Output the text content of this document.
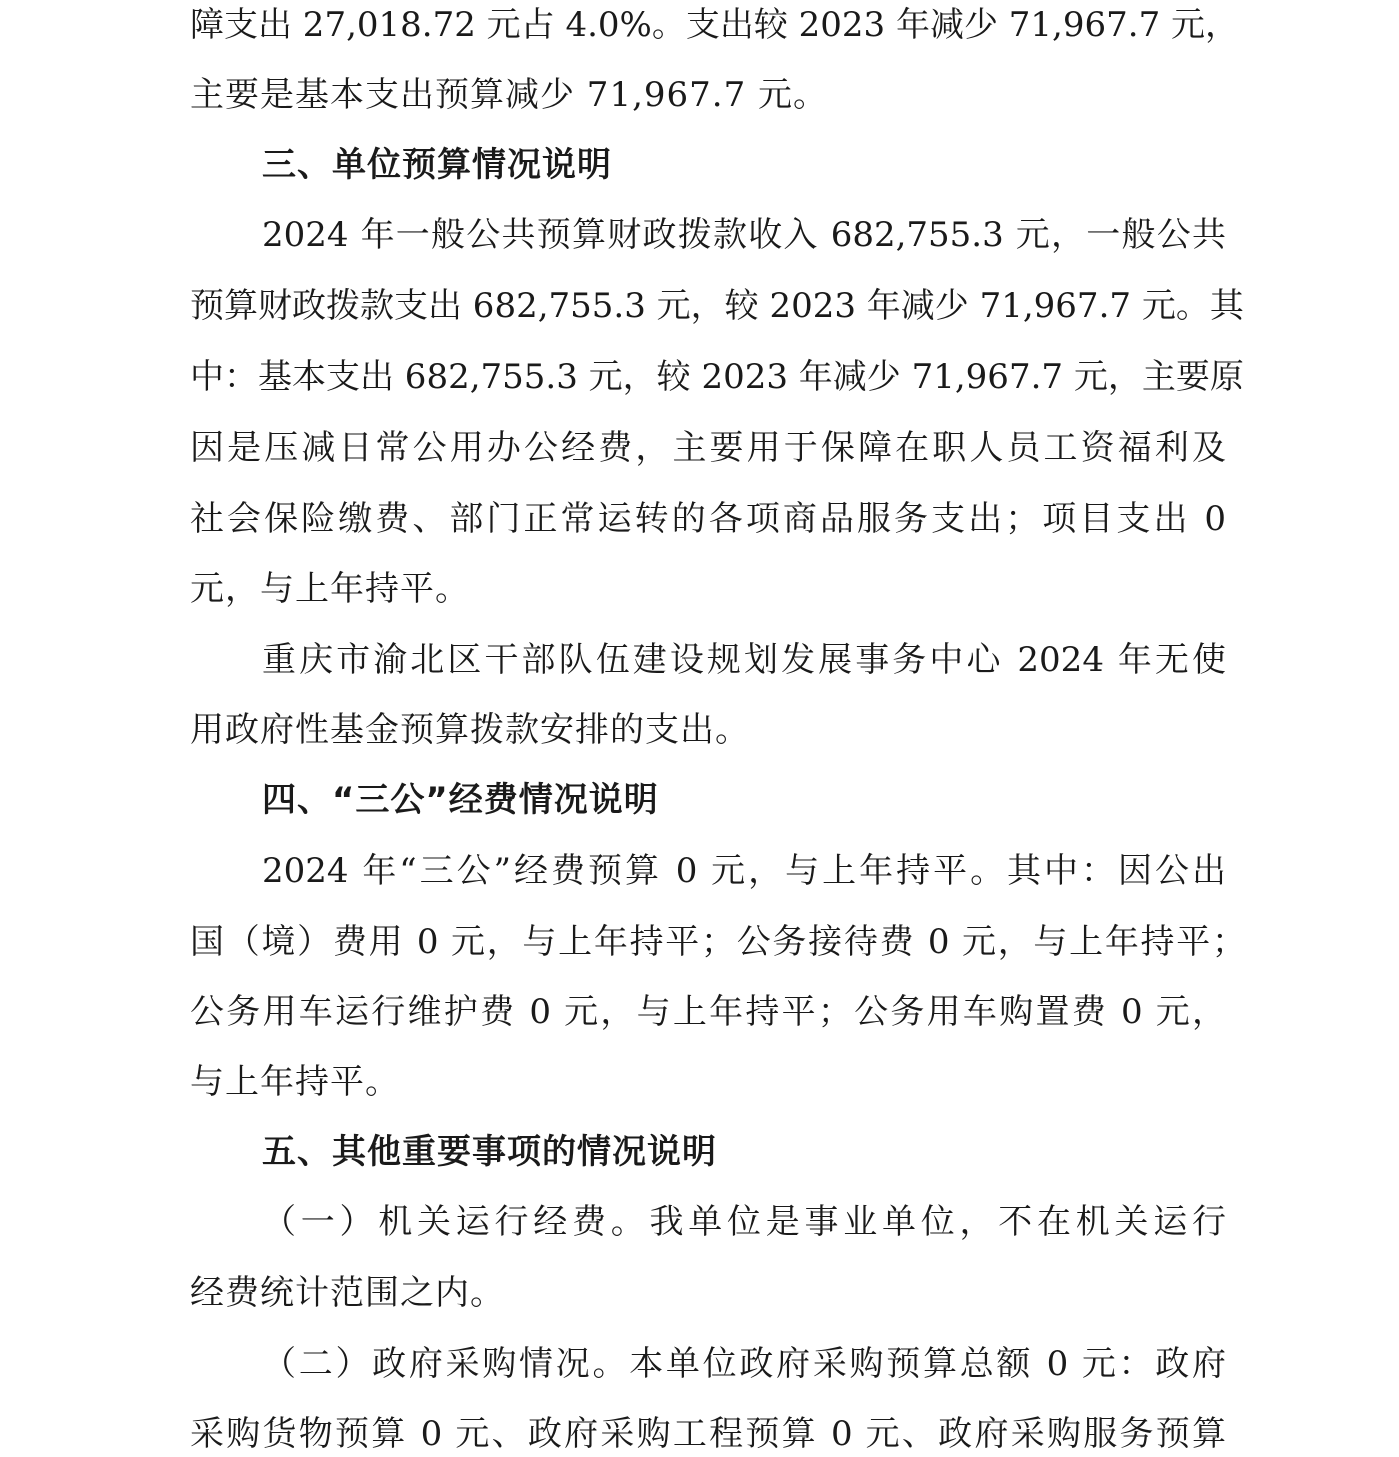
障支出 27,018.72 元占 4.0%。支出较 2023 年减少 71,967.7 元，
主要是基本支出预算减少 71,967.7 元。
三、单位预算情况说明
2024 年一般公共预算财政拨款收入 682,755.3 元，一般公共
预算财政拨款支出 682,755.3 元，较 2023 年减少 71,967.7 元。其
中：基本支出 682,755.3 元，较 2023 年减少 71,967.7 元，主要原
因是压减日常公用办公经费，主要用于保障在职人员工资福利及
社会保险缴费、部门正常运转的各项商品服务支出；项目支出 0
元，与上年持平。
重庆市渝北区干部队伍建设规划发展事务中心 2024 年无使
用政府性基金预算拨款安排的支出。
四、“三公”经费情况说明
2024 年“三公”经费预算 0 元，与上年持平。其中：因公出
国（境）费用 0 元，与上年持平；公务接待费 0 元，与上年持平；
公务用车运行维护费 0 元，与上年持平；公务用车购置费 0 元，
与上年持平。
五、其他重要事项的情况说明
（一）机关运行经费。我单位是事业单位，不在机关运行
经费统计范围之内。
（二）政府采购情况。本单位政府采购预算总额 0 元：政府
采购货物预算 0 元、政府采购工程预算 0 元、政府采购服务预算
